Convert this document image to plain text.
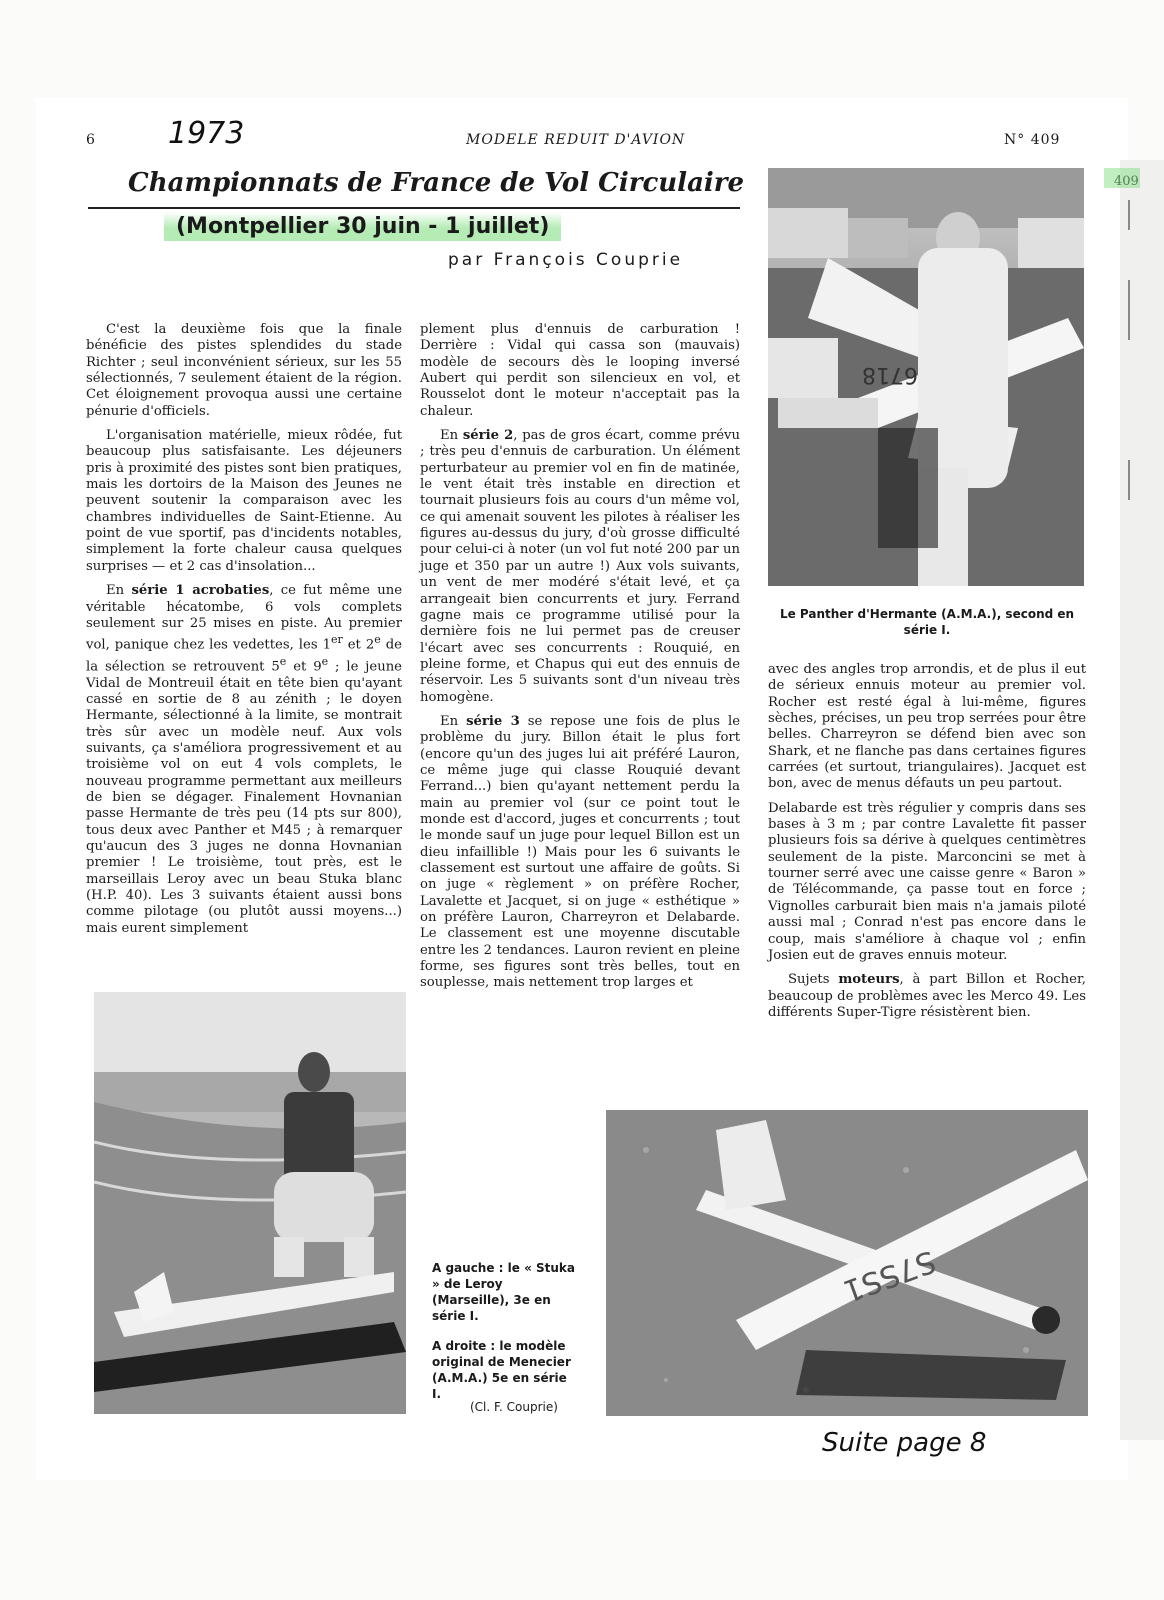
409
6	MODELE REDUIT D'AVION	N° 409
1973
Championnats de France de Vol Circulaire
(Montpellier 30 juin - 1 juillet)
par François Couprie

C'est la deuxième fois que la finale bénéficie des pistes splendides du stade Richter ; seul inconvénient sérieux, sur les 55 sélectionnés, 7 seulement étaient de la région. Cet éloignement provoqua aussi une certaine pénurie d'officiels.

L'organisation matérielle, mieux rôdée, fut beaucoup plus satisfaisante. Les déjeuners pris à proximité des pistes sont bien pratiques, mais les dortoirs de la Maison des Jeunes ne peuvent soutenir la comparaison avec les chambres individuelles de Saint-Etienne. Au point de vue sportif, pas d'incidents notables, simplement la forte chaleur causa quelques surprises — et 2 cas d'insolation...

En série 1 acrobaties, ce fut même une véritable hécatombe, 6 vols complets seulement sur 25 mises en piste. Au premier vol, panique chez les vedettes, les 1er et 2e de la sélection se retrouvent 5e et 9e ; le jeune Vidal de Montreuil était en tête bien qu'ayant cassé en sortie de 8 au zénith ; le doyen Hermante, sélectionné à la limite, se montrait très sûr avec un modèle neuf. Aux vols suivants, ça s'améliora progressivement et au troisième vol on eut 4 vols complets, le nouveau programme permettant aux meilleurs de bien se dégager. Finalement Hovnanian passe Hermante de très peu (14 pts sur 800), tous deux avec Panther et M45 ; à remarquer qu'aucun des 3 juges ne donna Hovnanian premier ! Le troisième, tout près, est le marseillais Leroy avec un beau Stuka blanc (H.P. 40). Les 3 suivants étaient aussi bons comme pilotage (ou plutôt aussi moyens...) mais eurent simplement

plement plus d'ennuis de carburation ! Derrière : Vidal qui cassa son (mauvais) modèle de secours dès le looping inversé Aubert qui perdit son silencieux en vol, et Rousselot dont le moteur n'acceptait pas la chaleur.

En série 2, pas de gros écart, comme prévu ; très peu d'ennuis de carburation. Un élément perturbateur au premier vol en fin de matinée, le vent était très instable en direction et tournait plusieurs fois au cours d'un même vol, ce qui amenait souvent les pilotes à réaliser les figures au-dessus du jury, d'où grosse difficulté pour celui-ci à noter (un vol fut noté 200 par un juge et 350 par un autre !) Aux vols suivants, un vent de mer modéré s'était levé, et ça arrangeait bien concurrents et jury. Ferrand gagne mais ce programme utilisé pour la dernière fois ne lui permet pas de creuser l'écart avec ses concurrents : Rouquié, en pleine forme, et Chapus qui eut des ennuis de réservoir. Les 5 suivants sont d'un niveau très homogène.

En série 3 se repose une fois de plus le problème du jury. Billon était le plus fort (encore qu'un des juges lui ait préféré Lauron, ce même juge qui classe Rouquié devant Ferrand...) bien qu'ayant nettement perdu la main au premier vol (sur ce point tout le monde est d'accord, juges et concurrents ; tout le monde sauf un juge pour lequel Billon est un dieu infaillible !) Mais pour les 6 suivants le classement est surtout une affaire de goûts. Si on juge « règlement » on préfère Rocher, Lavalette et Jacquet, si on juge « esthétique » on préfère Lauron, Charreyron et Delabarde. Le classement est une moyenne discutable entre les 2 tendances. Lauron revient en pleine forme, ses figures sont très belles, tout en souplesse, mais nettement trop larges et

avec des angles trop arrondis, et de plus il eut de sérieux ennuis moteur au premier vol. Rocher est resté égal à lui-même, figures sèches, précises, un peu trop serrées pour être belles. Charreyron se défend bien avec son Shark, et ne flanche pas dans certaines figures carrées (et surtout, triangulaires). Jacquet est bon, avec de menus défauts un peu partout.

Delabarde est très régulier y compris dans ses bases à 3 m ; par contre Lavalette fit passer plusieurs fois sa dérive à quelques centimètres seulement de la piste. Marconcini se met à tourner serré avec une caisse genre « Baron » de Télécommande, ça passe tout en force ; Vignolles carburait bien mais n'a jamais piloté aussi mal ; Conrad n'est pas encore dans le coup, mais s'améliore à chaque vol ; enfin Josien eut de graves ennuis moteur.

Sujets moteurs, à part Billon et Rocher, beaucoup de problèmes avec les Merco 49. Les différents Super-Tigre résistèrent bien.

6718
Le Panther d'Hermante (A.M.A.), second en série I.
A gauche : le « Stuka » de Leroy (Marseille), 3e en série I.
A droite : le modèle original de Menecier (A.M.A.) 5e en série I.
(Cl. F. Couprie)
S7SS1
Suite page 8
